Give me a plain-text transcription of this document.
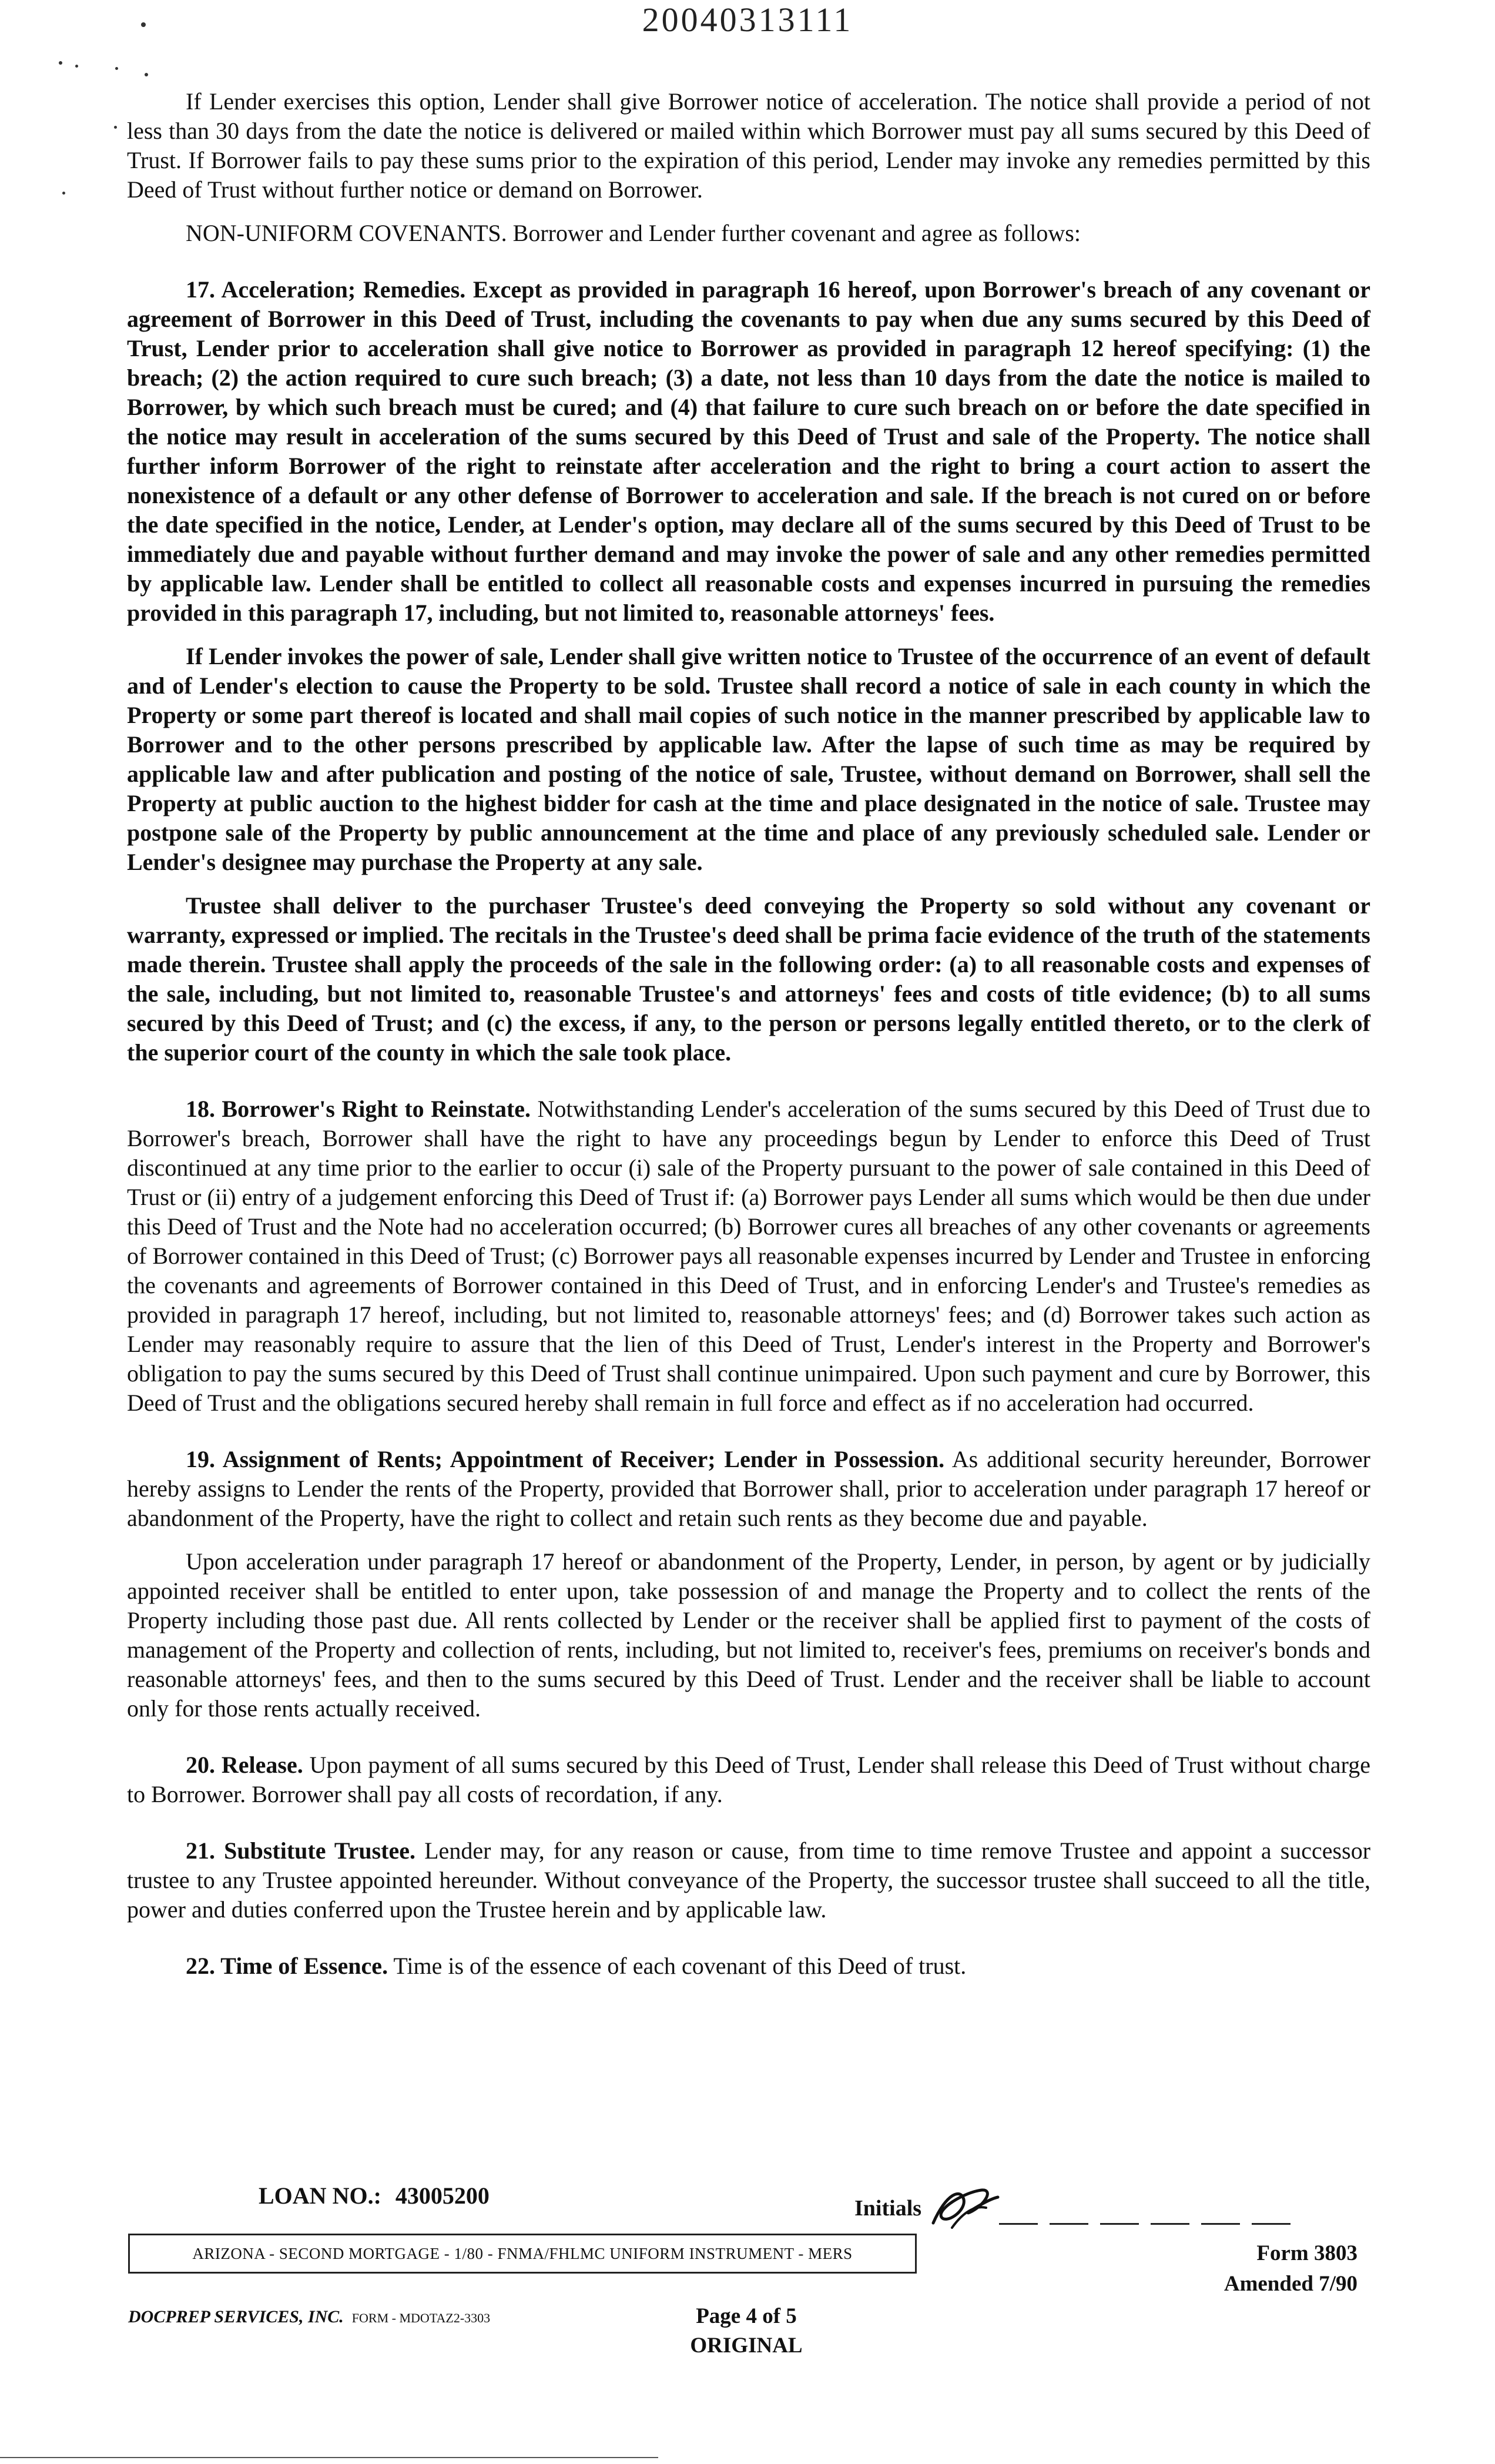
20040313111

If Lender exercises this option, Lender shall give Borrower notice of acceleration. The notice shall provide a period of not less than 30 days from the date the notice is delivered or mailed within which Borrower must pay all sums secured by this Deed of Trust. If Borrower fails to pay these sums prior to the expiration of this period, Lender may invoke any remedies permitted by this Deed of Trust without further notice or demand on Borrower.

NON-UNIFORM COVENANTS. Borrower and Lender further covenant and agree as follows:

17. Acceleration; Remedies. Except as provided in paragraph 16 hereof, upon Borrower's breach of any covenant or agreement of Borrower in this Deed of Trust, including the covenants to pay when due any sums secured by this Deed of Trust, Lender prior to acceleration shall give notice to Borrower as provided in paragraph 12 hereof specifying: (1) the breach; (2) the action required to cure such breach; (3) a date, not less than 10 days from the date the notice is mailed to Borrower, by which such breach must be cured; and (4) that failure to cure such breach on or before the date specified in the notice may result in acceleration of the sums secured by this Deed of Trust and sale of the Property. The notice shall further inform Borrower of the right to reinstate after acceleration and the right to bring a court action to assert the nonexistence of a default or any other defense of Borrower to acceleration and sale. If the breach is not cured on or before the date specified in the notice, Lender, at Lender's option, may declare all of the sums secured by this Deed of Trust to be immediately due and payable without further demand and may invoke the power of sale and any other remedies permitted by applicable law. Lender shall be entitled to collect all reasonable costs and expenses incurred in pursuing the remedies provided in this paragraph 17, including, but not limited to, reasonable attorneys' fees.

If Lender invokes the power of sale, Lender shall give written notice to Trustee of the occurrence of an event of default and of Lender's election to cause the Property to be sold. Trustee shall record a notice of sale in each county in which the Property or some part thereof is located and shall mail copies of such notice in the manner prescribed by applicable law to Borrower and to the other persons prescribed by applicable law. After the lapse of such time as may be required by applicable law and after publication and posting of the notice of sale, Trustee, without demand on Borrower, shall sell the Property at public auction to the highest bidder for cash at the time and place designated in the notice of sale. Trustee may postpone sale of the Property by public announcement at the time and place of any previously scheduled sale. Lender or Lender's designee may purchase the Property at any sale.

Trustee shall deliver to the purchaser Trustee's deed conveying the Property so sold without any covenant or warranty, expressed or implied. The recitals in the Trustee's deed shall be prima facie evidence of the truth of the statements made therein. Trustee shall apply the proceeds of the sale in the following order: (a) to all reasonable costs and expenses of the sale, including, but not limited to, reasonable Trustee's and attorneys' fees and costs of title evidence; (b) to all sums secured by this Deed of Trust; and (c) the excess, if any, to the person or persons legally entitled thereto, or to the clerk of the superior court of the county in which the sale took place.

18. Borrower's Right to Reinstate. Notwithstanding Lender's acceleration of the sums secured by this Deed of Trust due to Borrower's breach, Borrower shall have the right to have any proceedings begun by Lender to enforce this Deed of Trust discontinued at any time prior to the earlier to occur (i) sale of the Property pursuant to the power of sale contained in this Deed of Trust or (ii) entry of a judgement enforcing this Deed of Trust if: (a) Borrower pays Lender all sums which would be then due under this Deed of Trust and the Note had no acceleration occurred; (b) Borrower cures all breaches of any other covenants or agreements of Borrower contained in this Deed of Trust; (c) Borrower pays all reasonable expenses incurred by Lender and Trustee in enforcing the covenants and agreements of Borrower contained in this Deed of Trust, and in enforcing Lender's and Trustee's remedies as provided in paragraph 17 hereof, including, but not limited to, reasonable attorneys' fees; and (d) Borrower takes such action as Lender may reasonably require to assure that the lien of this Deed of Trust, Lender's interest in the Property and Borrower's obligation to pay the sums secured by this Deed of Trust shall continue unimpaired. Upon such payment and cure by Borrower, this Deed of Trust and the obligations secured hereby shall remain in full force and effect as if no acceleration had occurred.

19. Assignment of Rents; Appointment of Receiver; Lender in Possession. As additional security hereunder, Borrower hereby assigns to Lender the rents of the Property, provided that Borrower shall, prior to acceleration under paragraph 17 hereof or abandonment of the Property, have the right to collect and retain such rents as they become due and payable.

Upon acceleration under paragraph 17 hereof or abandonment of the Property, Lender, in person, by agent or by judicially appointed receiver shall be entitled to enter upon, take possession of and manage the Property and to collect the rents of the Property including those past due. All rents collected by Lender or the receiver shall be applied first to payment of the costs of management of the Property and collection of rents, including, but not limited to, receiver's fees, premiums on receiver's bonds and reasonable attorneys' fees, and then to the sums secured by this Deed of Trust. Lender and the receiver shall be liable to account only for those rents actually received.

20. Release. Upon payment of all sums secured by this Deed of Trust, Lender shall release this Deed of Trust without charge to Borrower. Borrower shall pay all costs of recordation, if any.

21. Substitute Trustee. Lender may, for any reason or cause, from time to time remove Trustee and appoint a successor trustee to any Trustee appointed hereunder. Without conveyance of the Property, the successor trustee shall succeed to all the title, power and duties conferred upon the Trustee herein and by applicable law.

22. Time of Essence. Time is of the essence of each covenant of this Deed of trust.

LOAN NO.: 43005200	Initials
ARIZONA - SECOND MORTGAGE - 1/80 - FNMA/FHLMC UNIFORM INSTRUMENT - MERS	Form 3803
Amended 7/90
DOCPREP SERVICES, INC. FORM - MDOTAZ2-3303	Page 4 of 5
ORIGINAL
